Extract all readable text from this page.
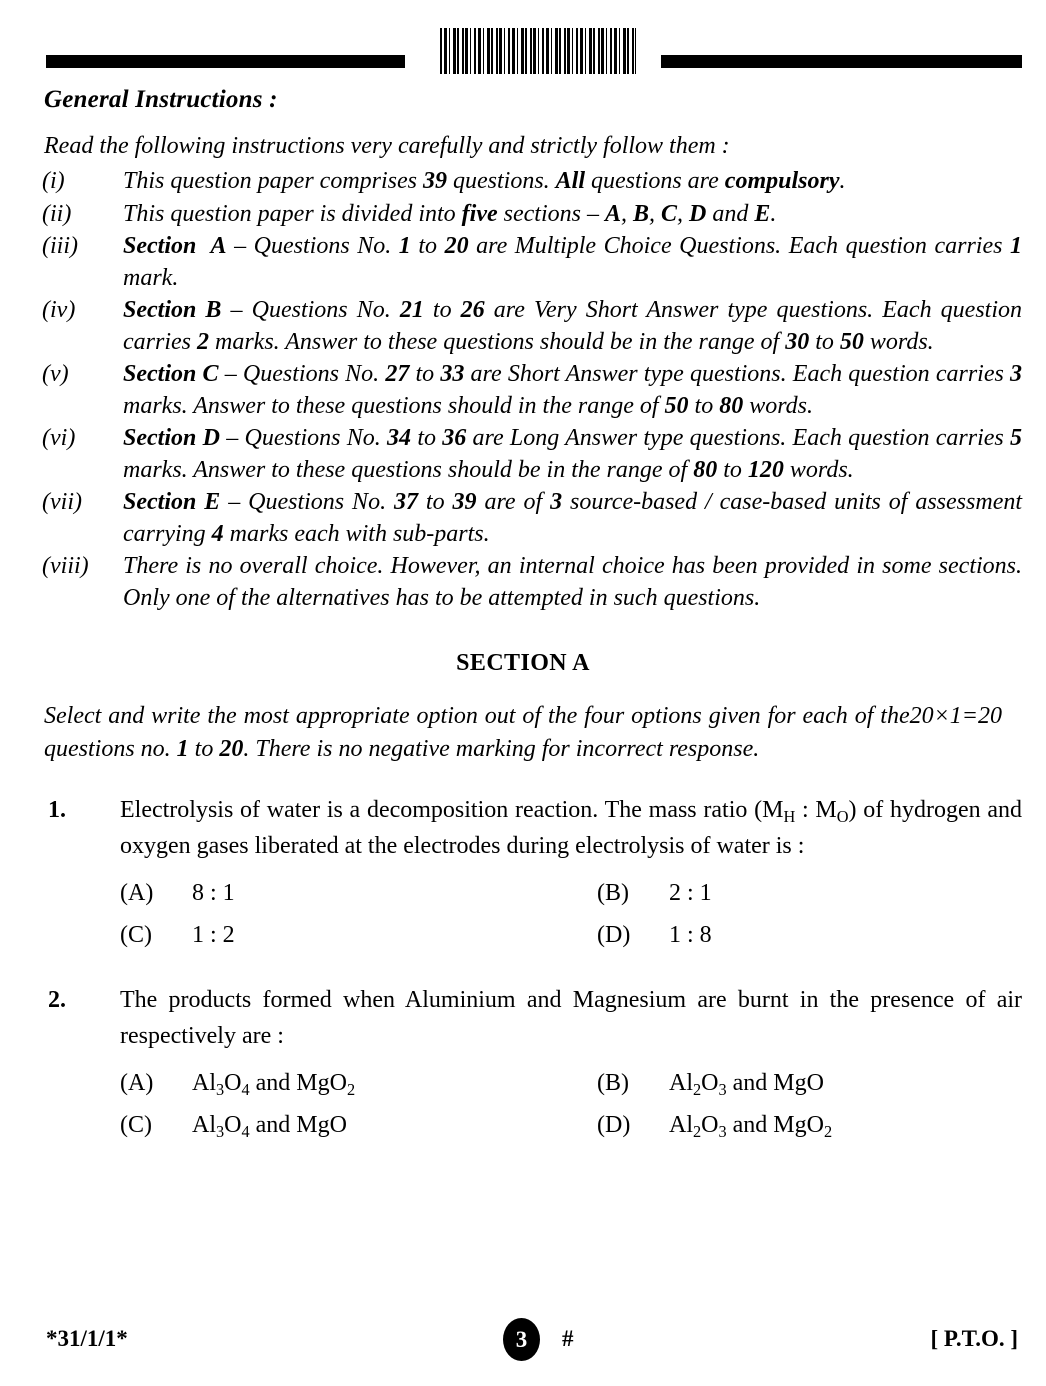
General Instructions :
Read the following instructions very carefully and strictly follow them :
(i) This question paper comprises 39 questions. All questions are compulsory.
(ii) This question paper is divided into five sections – A, B, C, D and E.
(iii) Section  A – Questions No. 1 to 20 are Multiple Choice Questions. Each question carries 1 mark.
(iv) Section B – Questions No. 21 to 26 are Very Short Answer type questions. Each question carries 2 marks. Answer to these questions should be in the range of 30 to 50 words.
(v) Section C – Questions No. 27 to 33 are Short Answer type questions. Each question carries 3 marks. Answer to these questions should in the range of 50 to 80 words.
(vi) Section D – Questions No. 34 to 36 are Long Answer type questions. Each question carries 5 marks. Answer to these questions should be in the range of 80 to 120 words.
(vii) Section E – Questions No. 37 to 39 are of 3 source-based / case-based units of assessment carrying 4 marks each with sub-parts.
(viii) There is no overall choice. However, an internal choice has been provided in some sections. Only one of the alternatives has to be attempted in such questions.
SECTION A
20×1=20
Select and write the most appropriate option out of the four options given for each of the questions no. 1 to 20. There is no negative marking for incorrect response.
1. Electrolysis of water is a decomposition reaction. The mass ratio ($M_H$ : $M_O$) of hydrogen and oxygen gases liberated at the electrodes during electrolysis of water is :
(A)	8 : 1	(B)	2 : 1
(C)	1 : 2	(D)	1 : 8
2. The products formed when Aluminium and Magnesium are burnt in the presence of air respectively are :
(A)	$Al_3O_4$ and MgO$_2$	(B)	$Al_2O_3$ and MgO
(C)	$Al_3O_4$ and MgO	(D)	$Al_2O_3$ and MgO$_2$
*31/1/1*	3	#	[ P.T.O. ]
